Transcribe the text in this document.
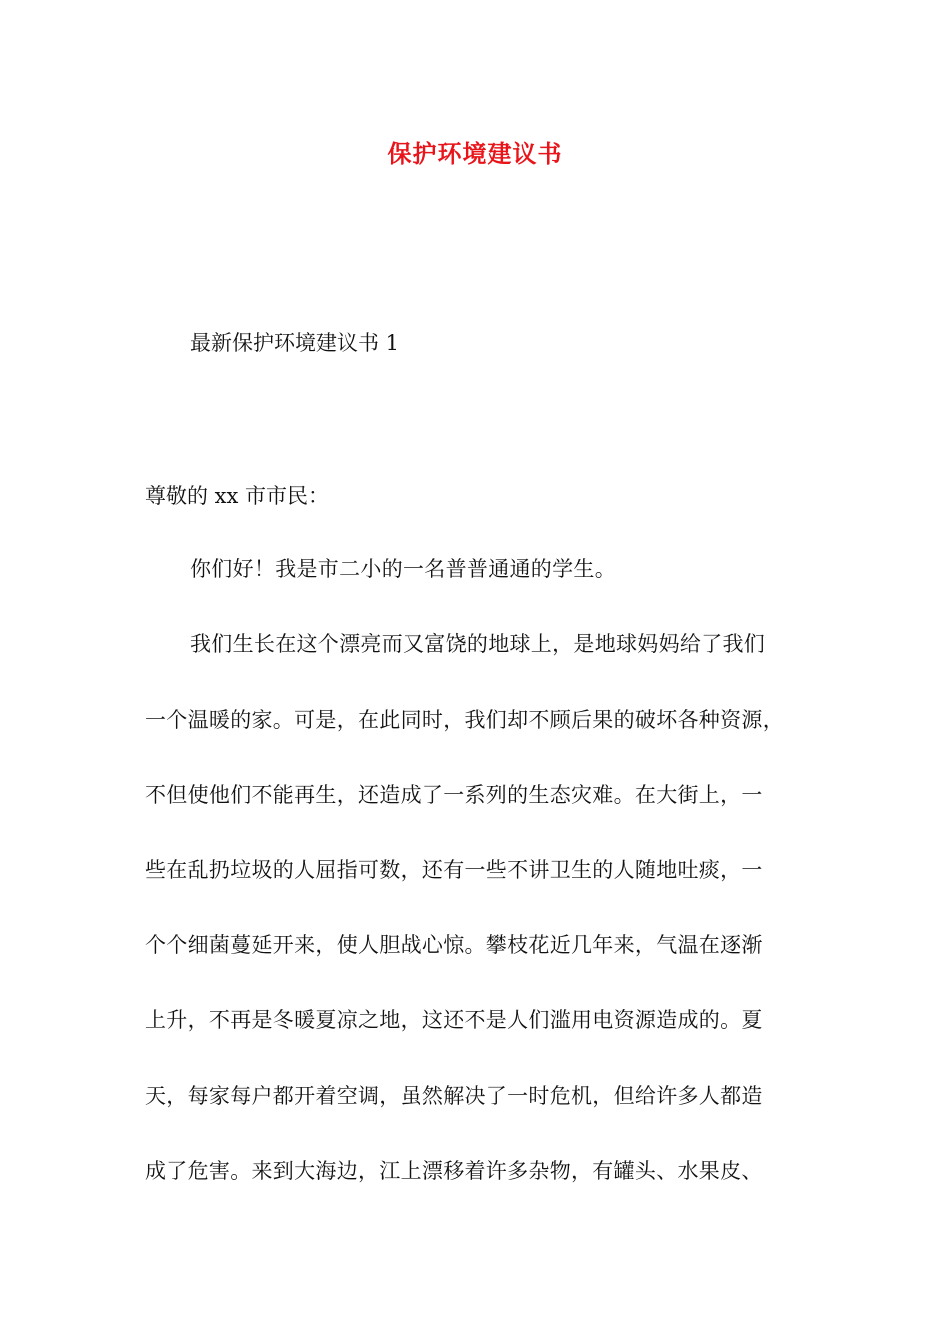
保护环境建议书
最新保护环境建议书 1
尊敬的 xx 市市民：
你们好！我是市二小的一名普普通通的学生。
我们生长在这个漂亮而又富饶的地球上，是地球妈妈给了我们
一个温暖的家。可是，在此同时，我们却不顾后果的破坏各种资源，
不但使他们不能再生，还造成了一系列的生态灾难。在大街上，一
些在乱扔垃圾的人屈指可数，还有一些不讲卫生的人随地吐痰，一
个个细菌蔓延开来，使人胆战心惊。攀枝花近几年来，气温在逐渐
上升，不再是冬暖夏凉之地，这还不是人们滥用电资源造成的。夏
天，每家每户都开着空调，虽然解决了一时危机，但给许多人都造
成了危害。来到大海边，江上漂移着许多杂物，有罐头、水果皮、
